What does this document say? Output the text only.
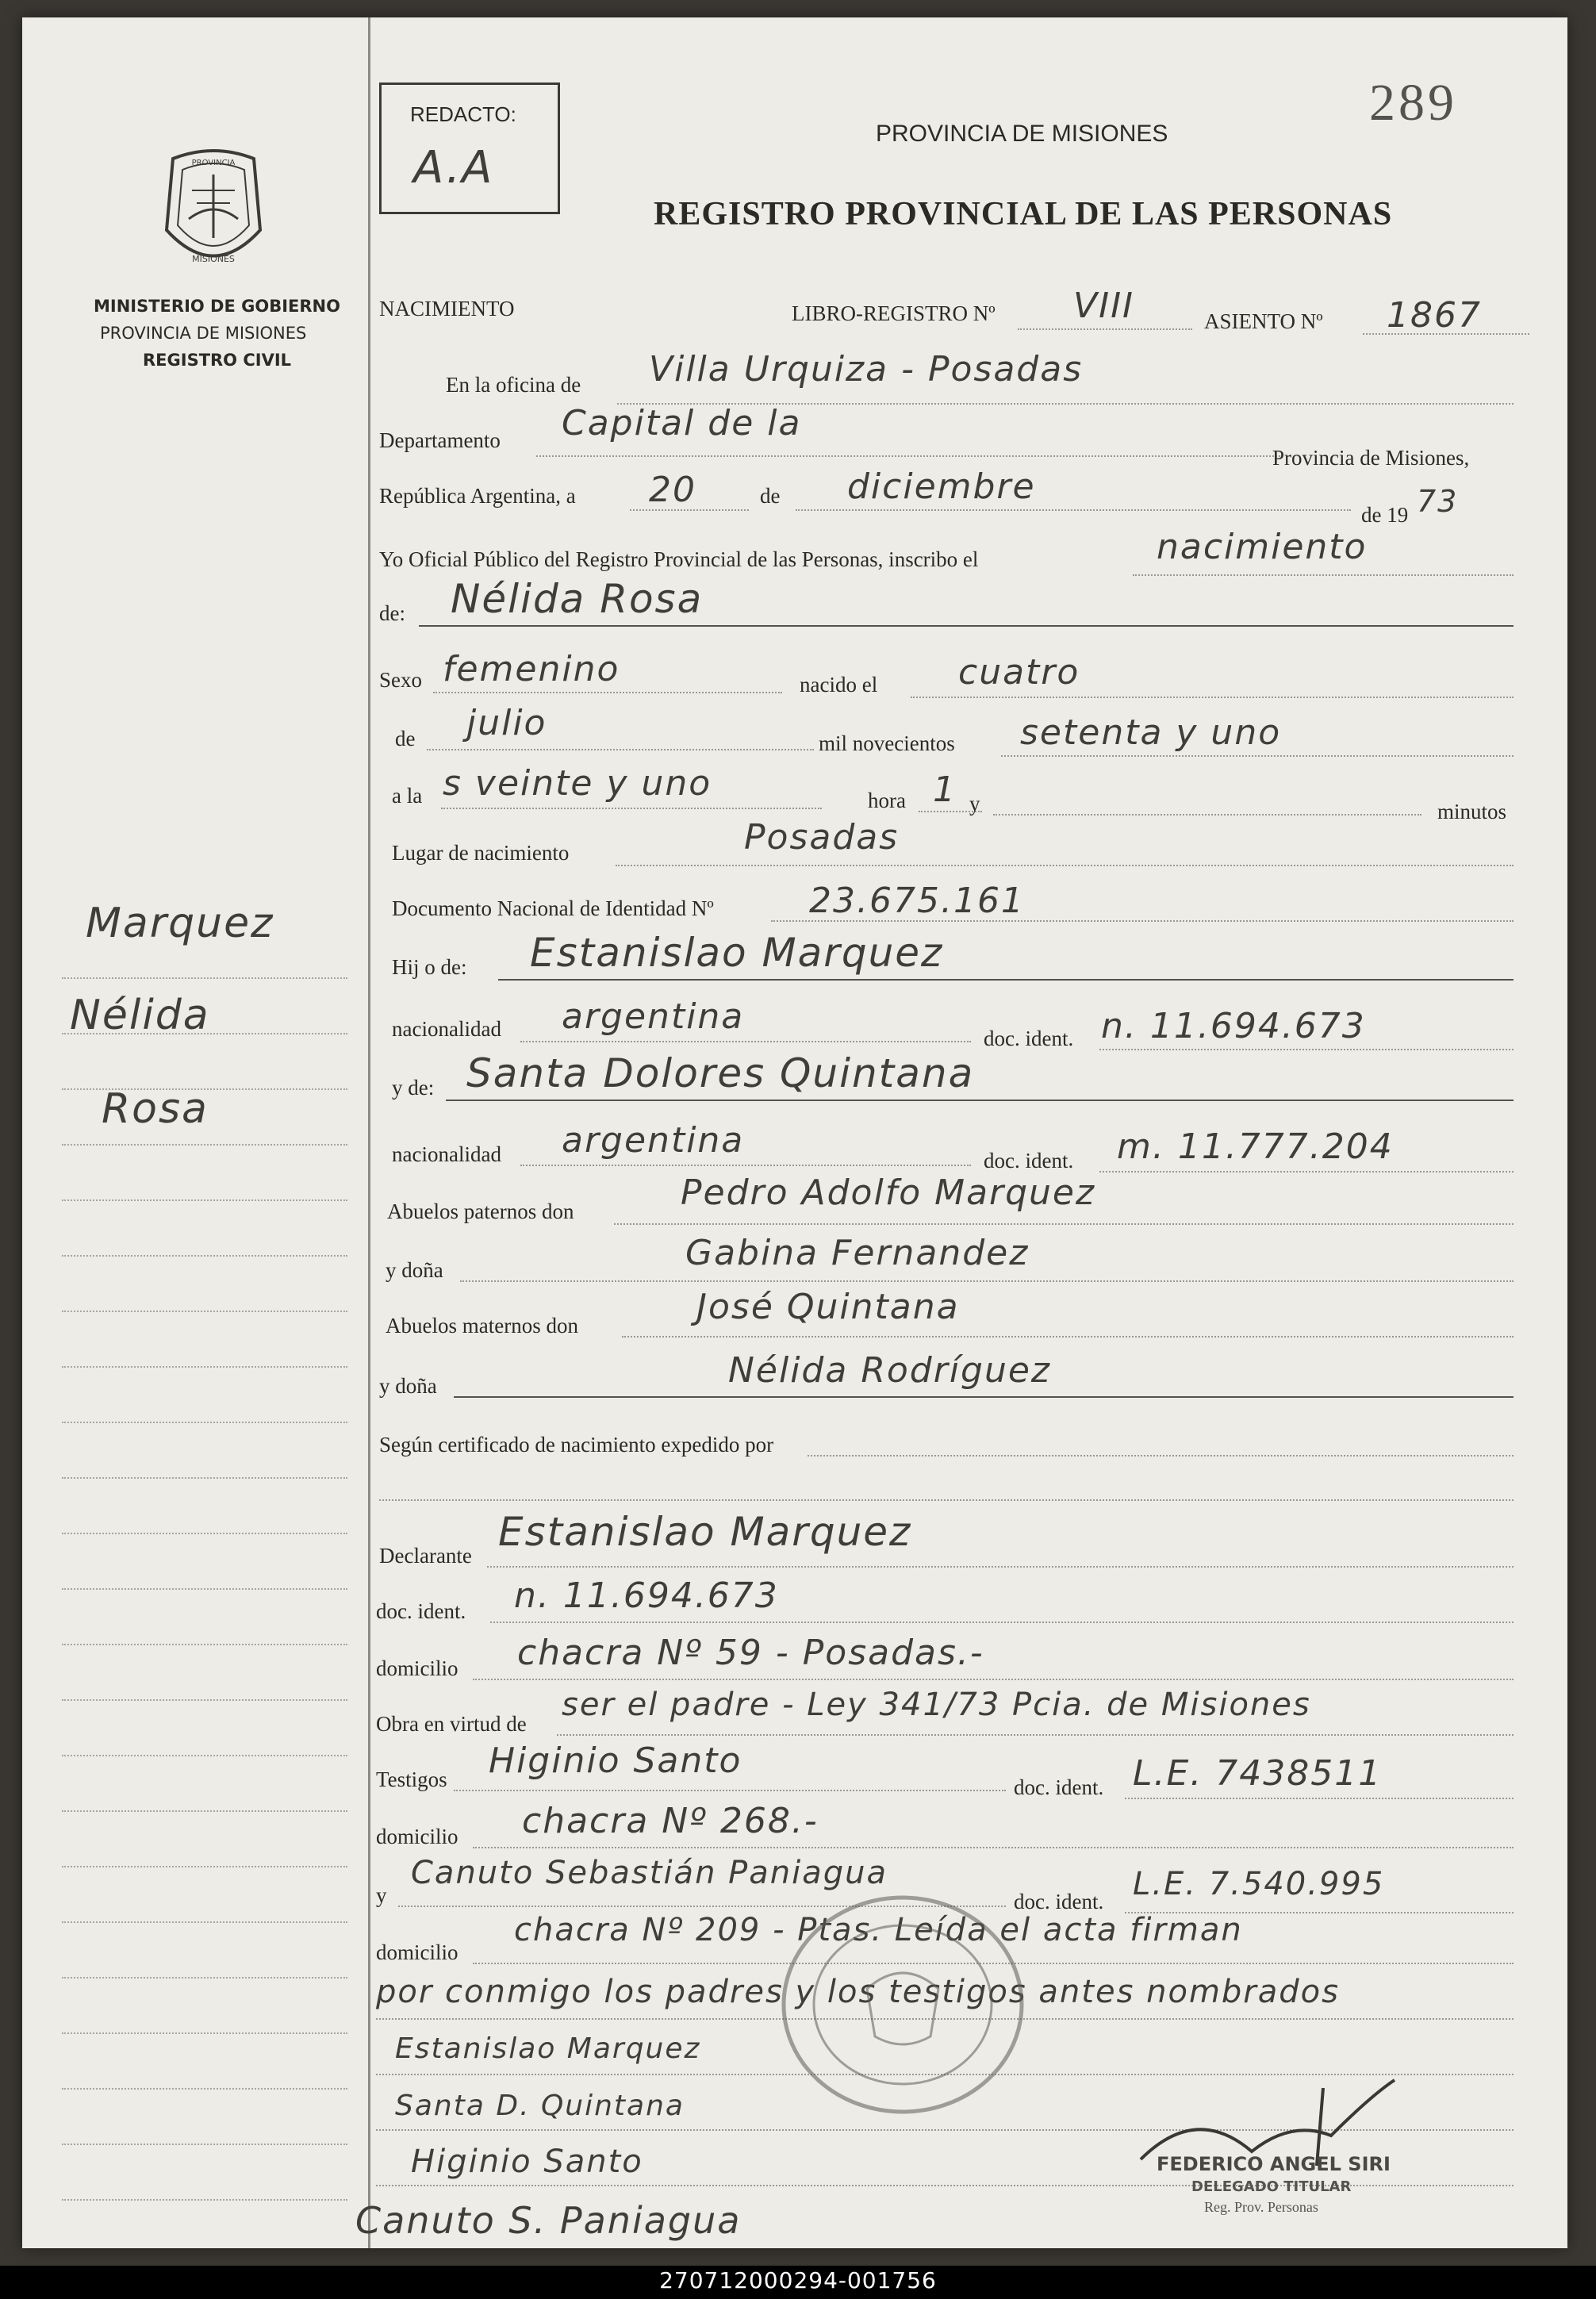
PROVINCIA
MISIONES
MINISTERIO DE GOBIERNO
PROVINCIA DE MISIONES
REGISTRO CIVIL
Marquez
Nélida
Rosa
REDACTO:
A.A
289
PROVINCIA DE MISIONES
REGISTRO PROVINCIAL DE LAS PERSONAS
NACIMIENTO	LIBRO-REGISTRO Nº VIII	ASIENTO Nº 1867
En la oficina de Villa Urquiza - Posadas
Departamento Capital de la
Provincia de Misiones,
República Argentina, a 20	de diciembre
de 19 73
Yo Oficial Público del Registro Provincial de las Personas, inscribo el	nacimiento
de: Nélida Rosa
Sexo femenino	nacido el cuatro
de julio	mil novecientos setenta y uno
a la s veinte y uno	hora 1 y	minutos
Lugar de nacimiento	Posadas
Documento Nacional de Identidad Nº	23.675.161
Hij o de: Estanislao Marquez
nacionalidad argentina
doc. ident. n. 11.694.673
y de: Santa Dolores Quintana
nacionalidad argentina	doc. ident. m. 11.777.204
Abuelos paternos don	Pedro Adolfo Marquez
y doña	Gabina Fernandez
Abuelos maternos don	José Quintana
y doña	Nélida Rodríguez
Según certificado de nacimiento expedido por
Declarante
Estanislao Marquez
doc. ident. n. 11.694.673
domicilio chacra Nº 59 - Posadas.-
Obra en virtud de
ser el padre - Ley 341/73 Pcia. de Misiones
Testigos Higinio Santo
doc. ident. L.E. 7438511
domicilio chacra Nº 268.-
y
Canuto Sebastián Paniagua
doc. ident. L.E. 7.540.995
domicilio
chacra Nº 209 - Ptas. Leída el acta firman
por conmigo los padres y los testigos antes nombrados
Estanislao Marquez
Santa D. Quintana
Higinio Santo
Canuto S. Paniagua
FEDERICO ANGEL SIRI
DELEGADO TITULAR
Reg. Prov. Personas
270712000294-001756
